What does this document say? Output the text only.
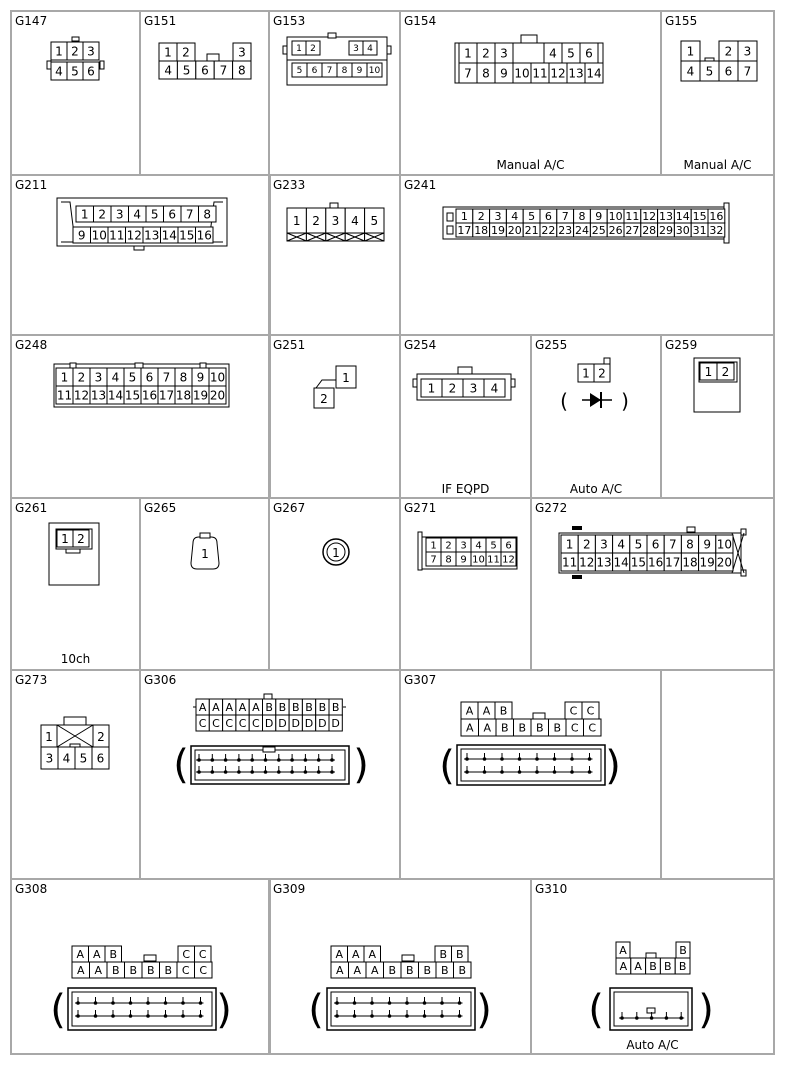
G147
1 2 3
4 5 6
G151
1 2	3
4 5 6 7 8
G153
1 2	3 4
5 6 7 8 9 10
G154
1 2 3	4 5 6
7 8 9 10 11 12 13 14
Manual A/C
G155
1	2 3
4 5 6 7
Manual A/C
G211
1 2 3 4 5 6 7 8
9 10 11 12 13 14 15 16
G233
1 2 3 4 5
G241
1 2 3 4 5 6 7 8 9 10 11 12 13 14 15 16
17 18 19 20 21 22 23 24 25 26 27 28 29 30 31 32
G248
1 2 3 4 5 6 7 8 9 10
11 12 13 14 15 16 17 18 19 20
G251
1
2
G254
1 2 3 4
IF EQPD
G255
1 2
(	)
Auto A/C
G259
1 2
G261
1 2
10ch
G265
1
G267
1
G271
1 2 3 4 5 6
7 8 9 10 11 12
G272
1 2 3 4 5 6 7 8 9 10
11 12 13 14 15 16 17 18 19 20
G273
1	2
3 4 5 6
G306
A A A A A B B B B B B
C C C C C D D D D D D
(	)
G307
A A B	C C
A A B B B B C C
(	)
G308
A A B	C C
A A B B B B C C
(	)
G309
A A A	B B
A A A B B B B B
(	)
G310
A	B
A A B B B
( )
Auto A/C
